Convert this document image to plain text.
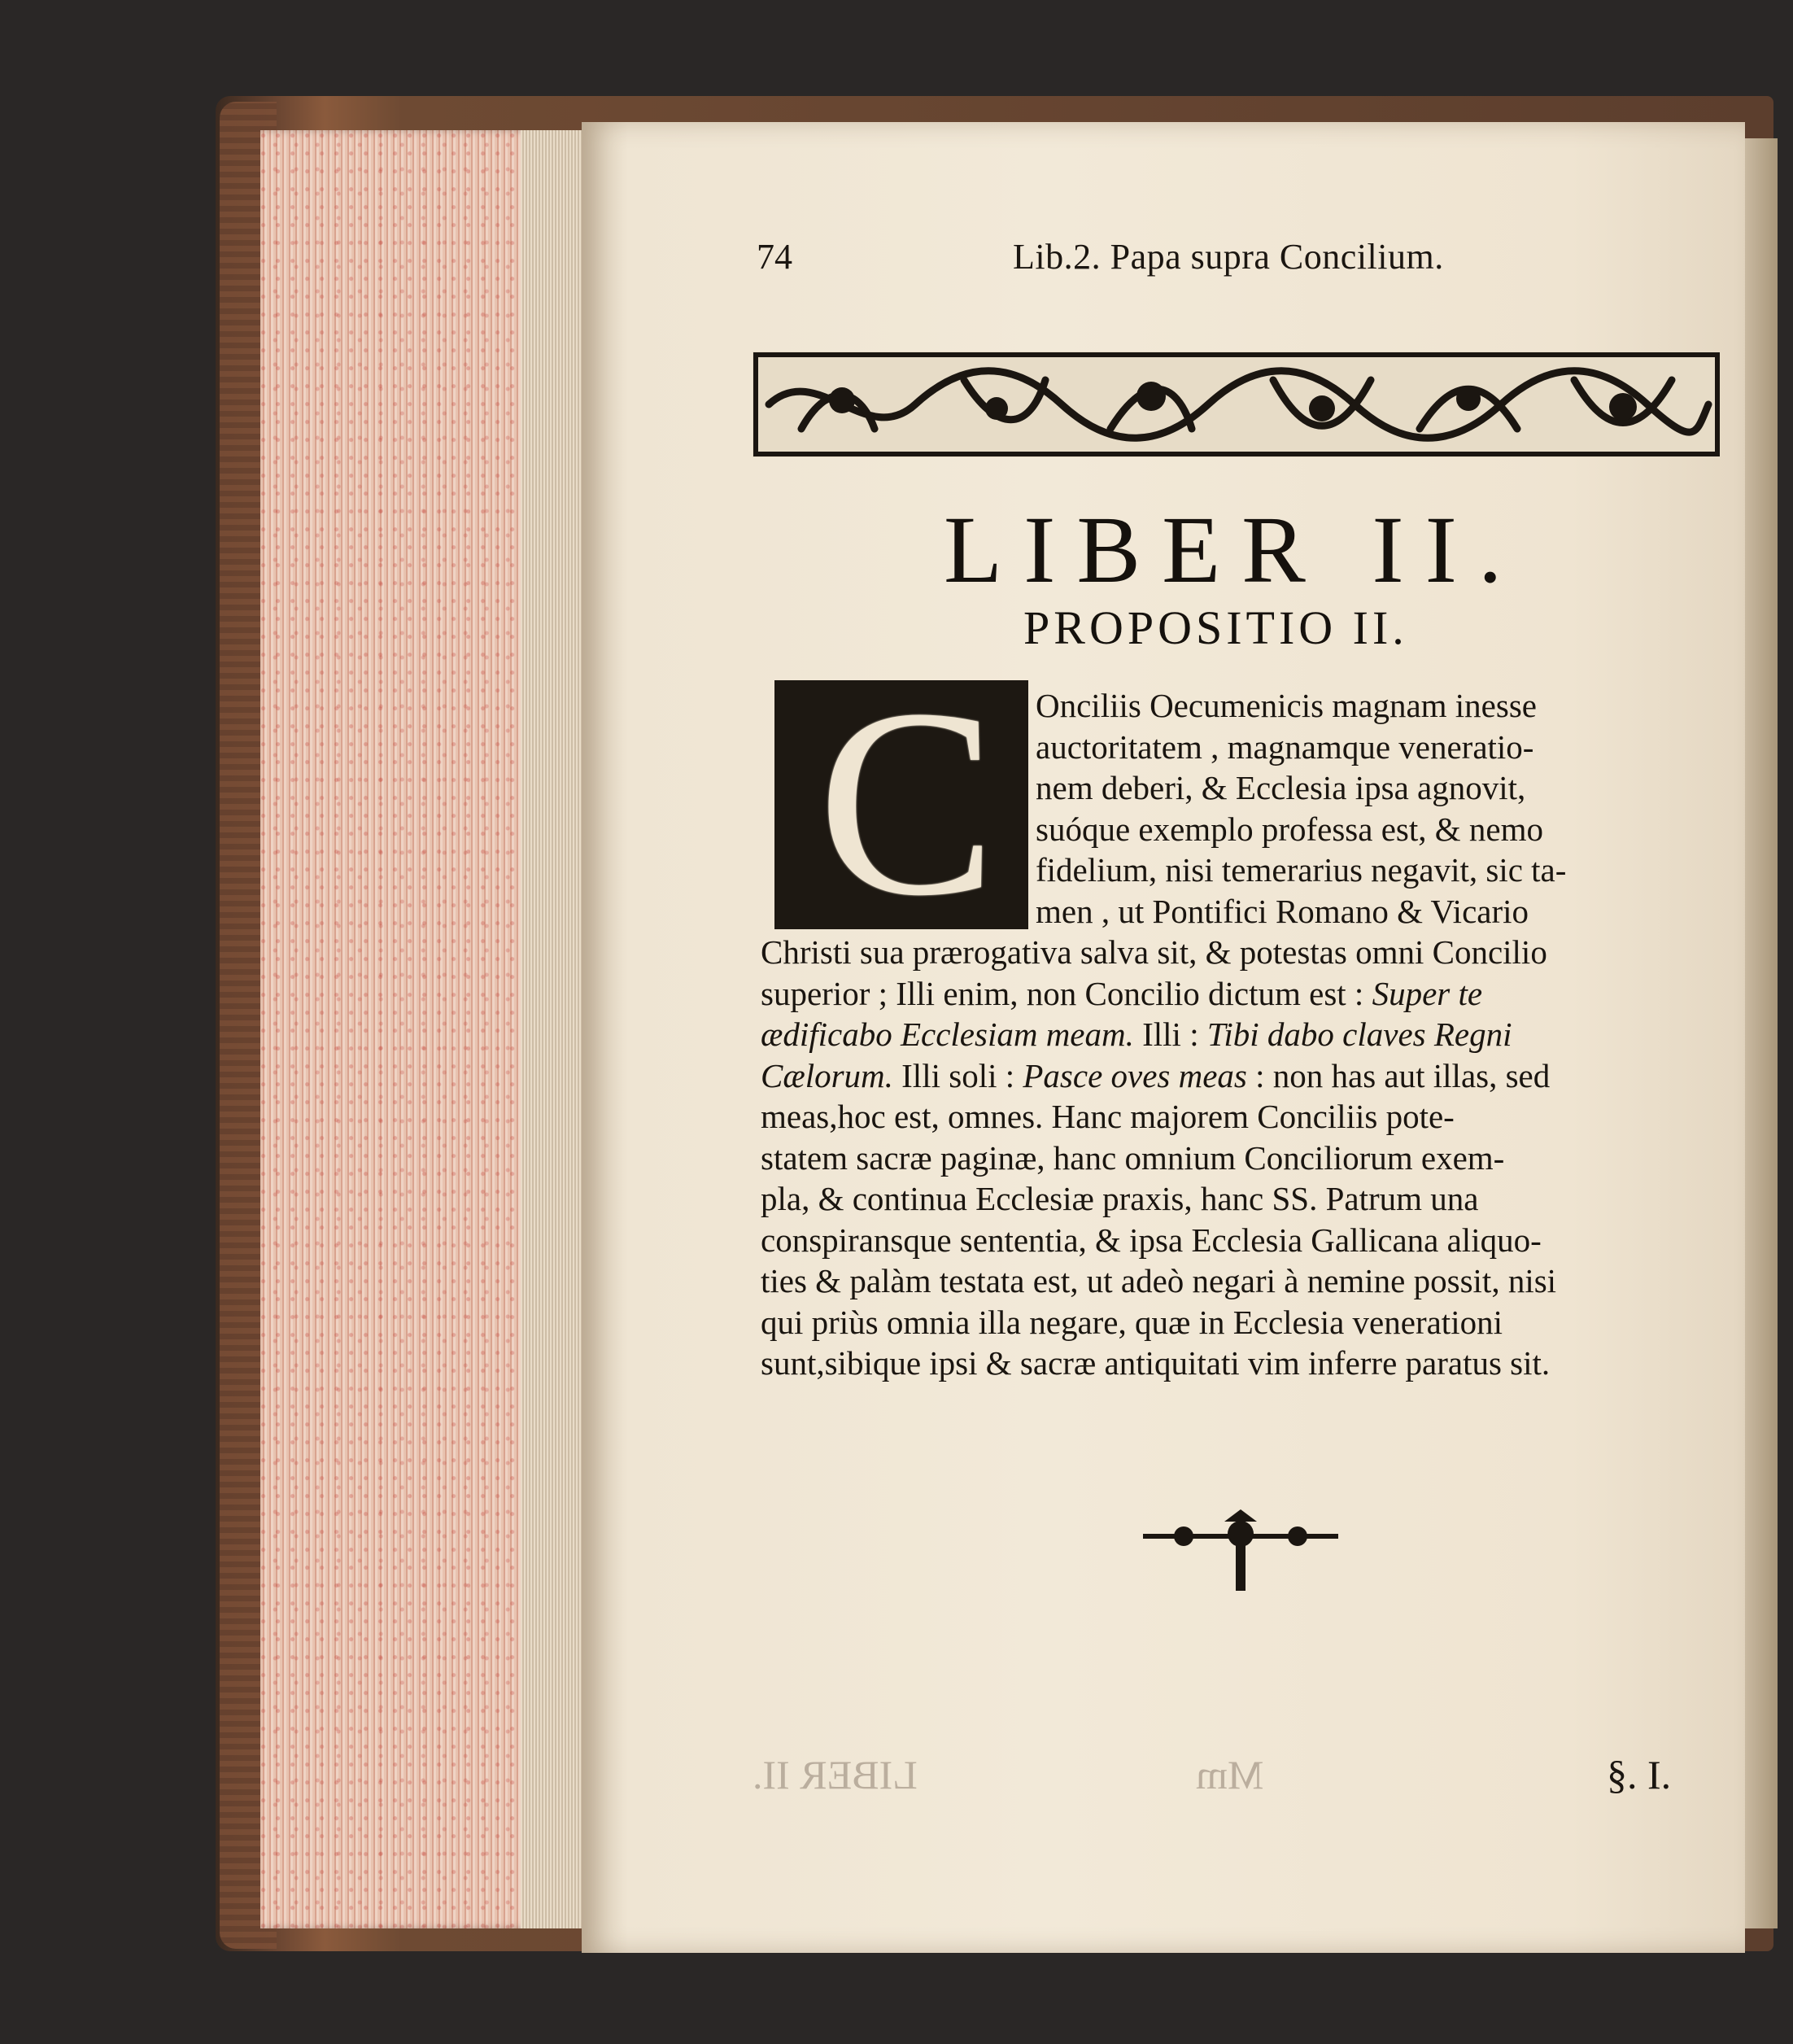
74	Lib.2. Papa supra Concilium.
LIBER II.
PROPOSITIO II.
C	Onciliis Oecumenicis magnam inesse
auctoritatem , magnamque veneratio-
nem deberi, & Ecclesia ipsa agnovit,
suóque exemplo professa est, & nemo
fidelium, nisi temerarius negavit, sic ta-
men , ut Pontifici Romano & Vicario
Christi sua prærogativa salva sit, & potestas omni Concilio
superior ; Illi enim, non Concilio dictum est : Super te
ædificabo Ecclesiam meam. Illi : Tibi dabo claves Regni
Cælorum. Illi soli : Pasce oves meas : non has aut illas, sed
meas,hoc est, omnes. Hanc majorem Conciliis pote-
statem sacræ paginæ, hanc omnium Conciliorum exem-
pla, & continua Ecclesiæ praxis, hanc SS. Patrum una
conspiransque sententia, & ipsa Ecclesia Gallicana aliquo-
ties & palàm testata est, ut adeò negari à nemine possit, nisi
qui priùs omnia illa negare, quæ in Ecclesia venerationi
sunt,sibique ipsi & sacræ antiquitati vim inferre paratus sit.
LIBER II.	Mm	§. I.
